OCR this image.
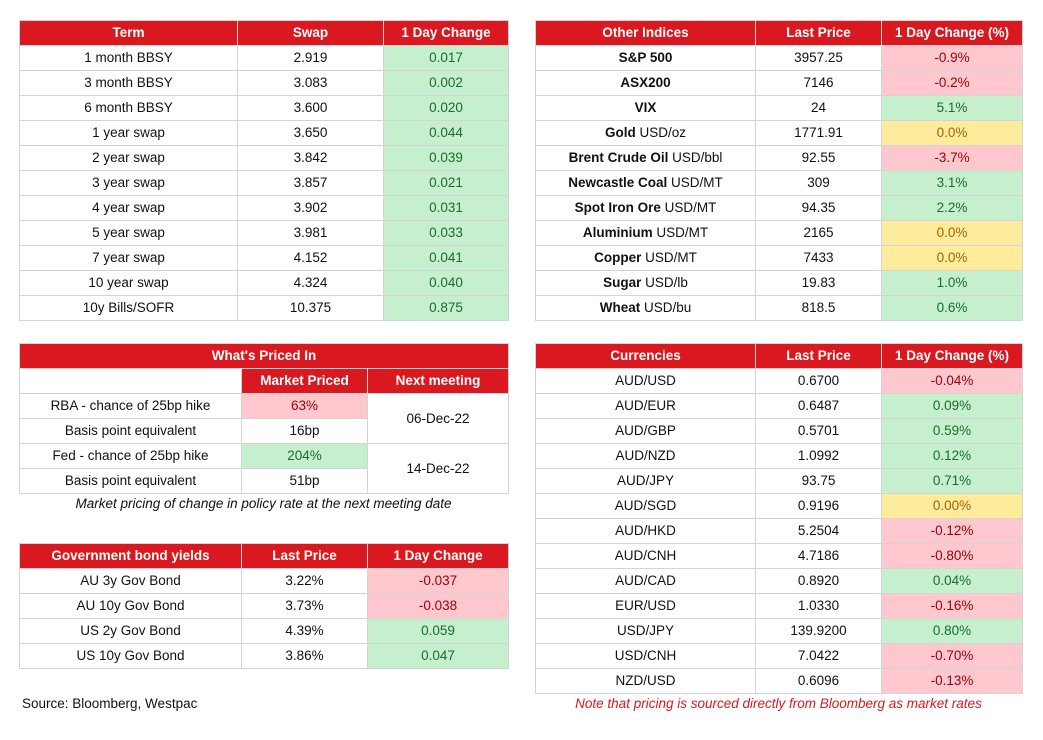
Term	Swap	1 Day Change
1 month BBSY	2.919	0.017
3 month BBSY	3.083	0.002
6 month BBSY	3.600	0.020
1 year swap	3.650	0.044
2 year swap	3.842	0.039
3 year swap	3.857	0.021
4 year swap	3.902	0.031
5 year swap	3.981	0.033
7 year swap	4.152	0.041
10 year swap	4.324	0.040
10y Bills/SOFR	10.375	0.875
Other Indices	Last Price	1 Day Change (%)
S&P 500	3957.25	-0.9%
ASX200	7146	-0.2%
VIX	24	5.1%
Gold USD/oz	1771.91	0.0%
Brent Crude Oil USD/bbl	92.55	-3.7%
Newcastle Coal USD/MT	309	3.1%
Spot Iron Ore USD/MT	94.35	2.2%
Aluminium USD/MT	2165	0.0%
Copper USD/MT	7433	0.0%
Sugar USD/lb	19.83	1.0%
Wheat USD/bu	818.5	0.6%
What's Priced In		
	Market Priced	Next meeting
RBA - chance of 25bp hike	63%	06-Dec-22
Basis point equivalent	16bp	
Fed - chance of 25bp hike	204%	14-Dec-22
Basis point equivalent	51bp	
Market pricing of change in policy rate at the next meeting date
Government bond yields	Last Price	1 Day Change
AU 3y Gov Bond	3.22%	-0.037
AU 10y Gov Bond	3.73%	-0.038
US 2y Gov Bond	4.39%	0.059
US 10y Gov Bond	3.86%	0.047
Currencies	Last Price	1 Day Change (%)
AUD/USD	0.6700	-0.04%
AUD/EUR	0.6487	0.09%
AUD/GBP	0.5701	0.59%
AUD/NZD	1.0992	0.12%
AUD/JPY	93.75	0.71%
AUD/SGD	0.9196	0.00%
AUD/HKD	5.2504	-0.12%
AUD/CNH	4.7186	-0.80%
AUD/CAD	0.8920	0.04%
EUR/USD	1.0330	-0.16%
USD/JPY	139.9200	0.80%
USD/CNH	7.0422	-0.70%
NZD/USD	0.6096	-0.13%
Source: Bloomberg, Westpac	Note that pricing is sourced directly from Bloomberg as market rates
